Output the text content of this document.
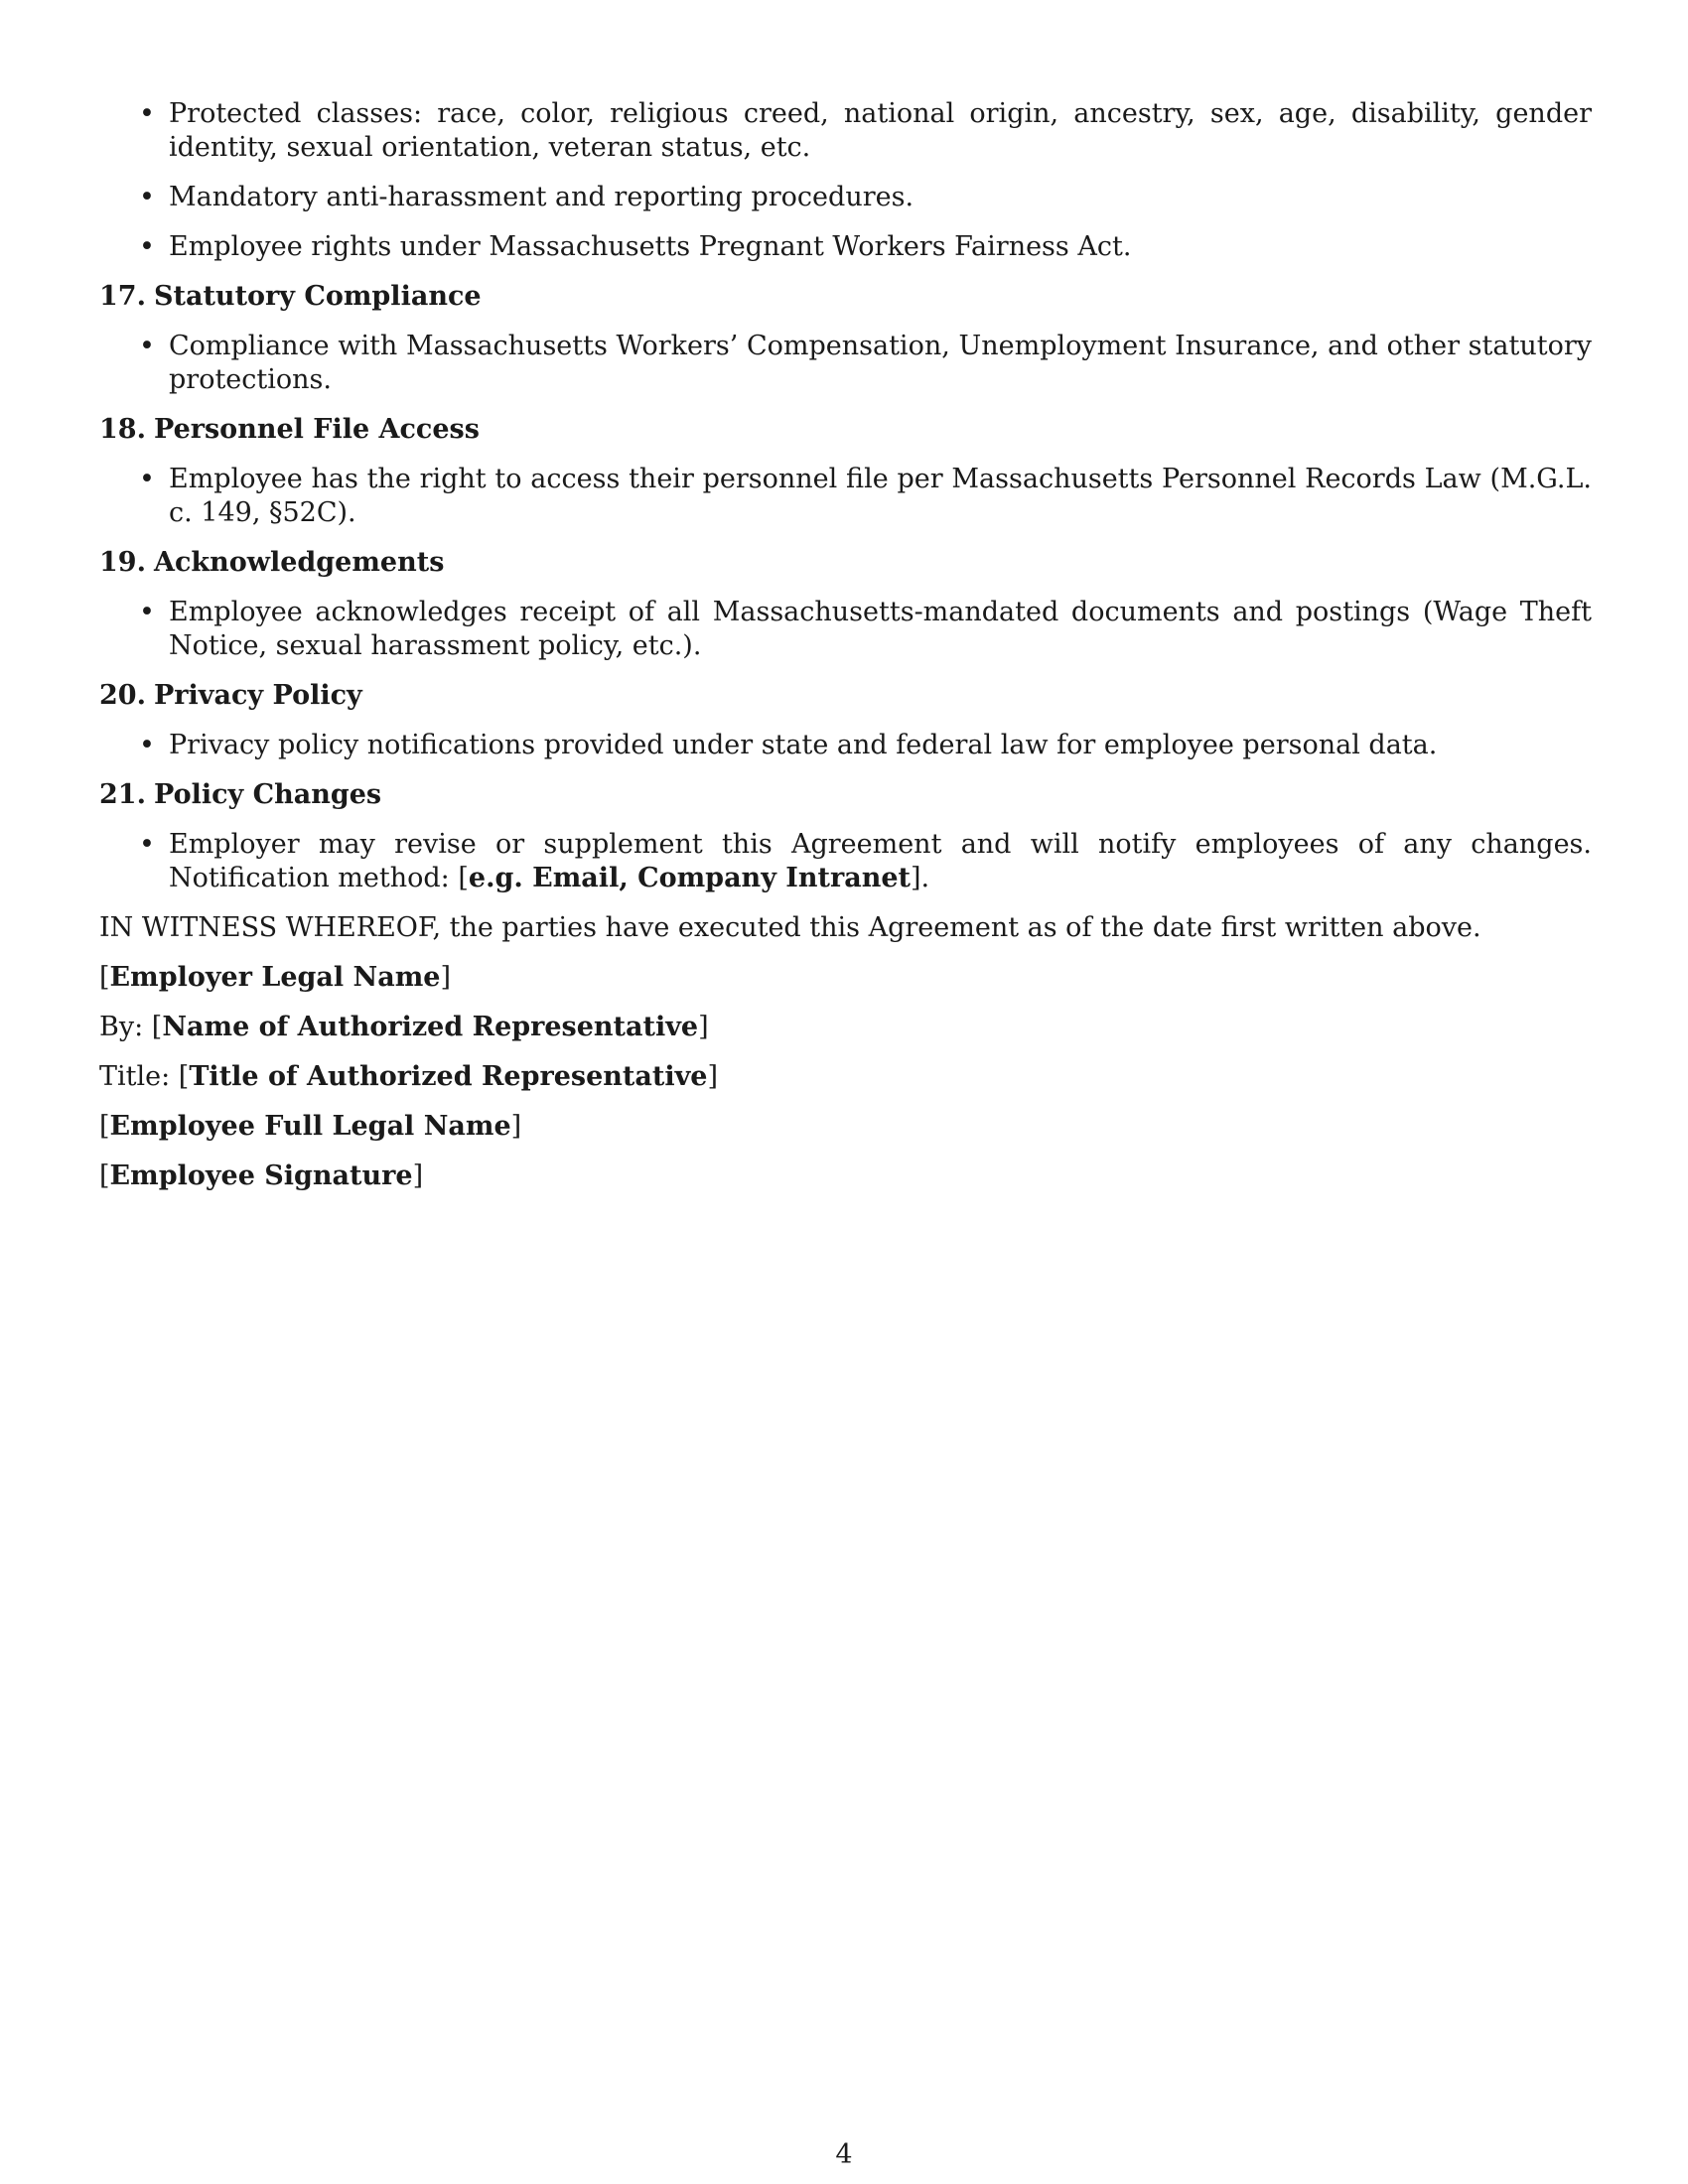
• Protected classes: race, color, religious creed, national origin, ancestry, sex, age, disability, gender identity, sexual orientation, veteran status, etc.
• Mandatory anti-harassment and reporting procedures.
• Employee rights under Massachusetts Pregnant Workers Fairness Act.
17. Statutory Compliance
• Compliance with Massachusetts Workers’ Compensation, Unemployment Insurance, and other statutory protections.
18. Personnel File Access
• Employee has the right to access their personnel file per Massachusetts Personnel Records Law (M.G.L. c. 149, §52C).
19. Acknowledgements
• Employee acknowledges receipt of all Massachusetts-mandated documents and postings (Wage Theft Notice, sexual harassment policy, etc.).
20. Privacy Policy
• Privacy policy notifications provided under state and federal law for employee personal data.
21. Policy Changes
• Employer may revise or supplement this Agreement and will notify employees of any changes. Notification method: [e.g. Email, Company Intranet].
IN WITNESS WHEREOF, the parties have executed this Agreement as of the date first written above.
[Employer Legal Name]
By: [Name of Authorized Representative]
Title: [Title of Authorized Representative]
[Employee Full Legal Name]
[Employee Signature]
4
